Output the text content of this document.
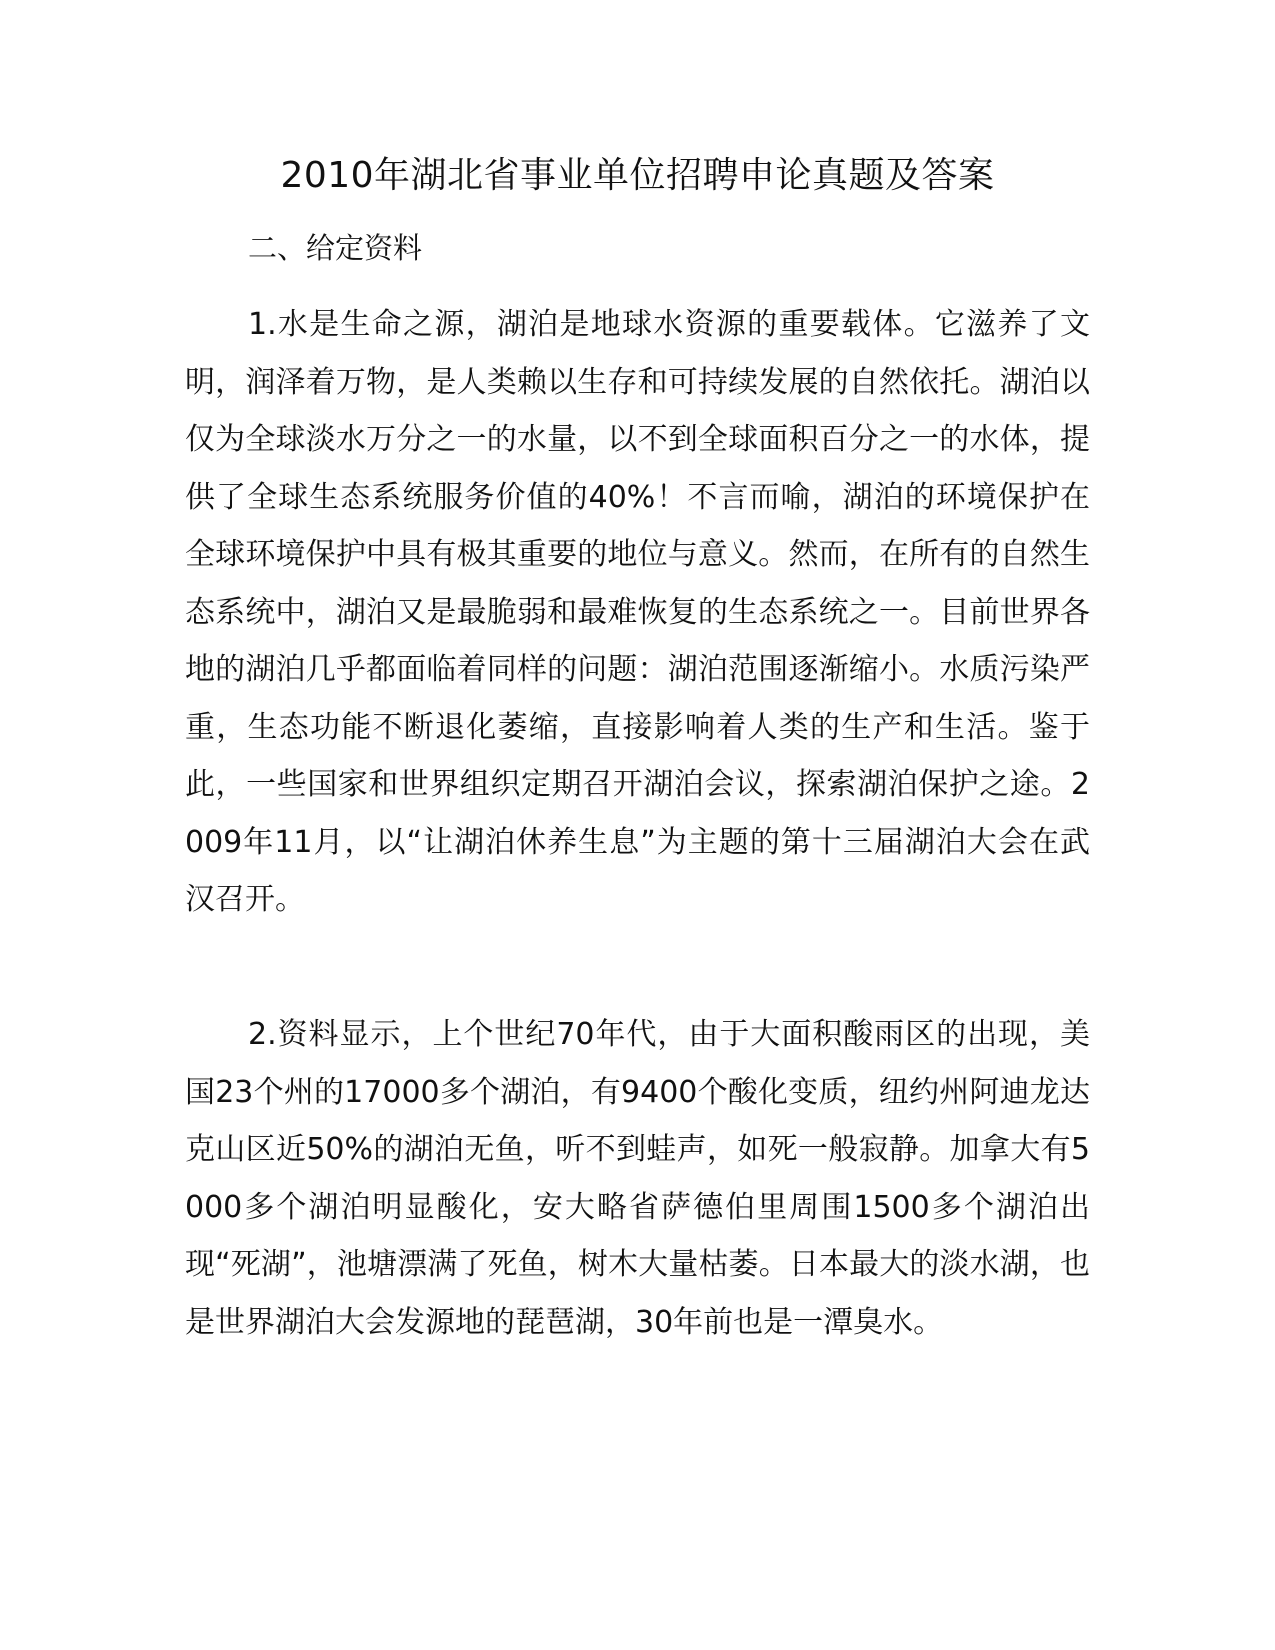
2010年湖北省事业单位招聘申论真题及答案
二、给定资料

1.水是生命之源，湖泊是地球水资源的重要载体。它滋养了文明，润泽着万物，是人类赖以生存和可持续发展的自然依托。湖泊以仅为全球淡水万分之一的水量，以不到全球面积百分之一的水体，提供了全球生态系统服务价值的40%！不言而喻，湖泊的环境保护在全球环境保护中具有极其重要的地位与意义。然而，在所有的自然生态系统中，湖泊又是最脆弱和最难恢复的生态系统之一。目前世界各地的湖泊几乎都面临着同样的问题：湖泊范围逐渐缩小。水质污染严重，生态功能不断退化萎缩，直接影响着人类的生产和生活。鉴于此，一些国家和世界组织定期召开湖泊会议，探索湖泊保护之途。2009年11月，以“让湖泊休养生息”为主题的第十三届湖泊大会在武汉召开。

2.资料显示，上个世纪70年代，由于大面积酸雨区的出现，美国23个州的17000多个湖泊，有9400个酸化变质，纽约州阿迪龙达克山区近50%的湖泊无鱼，听不到蛙声，如死一般寂静。加拿大有5000多个湖泊明显酸化，安大略省萨德伯里周围1500多个湖泊出现“死湖”，池塘漂满了死鱼，树木大量枯萎。日本最大的淡水湖，也是世界湖泊大会发源地的琵琶湖，30年前也是一潭臭水。
